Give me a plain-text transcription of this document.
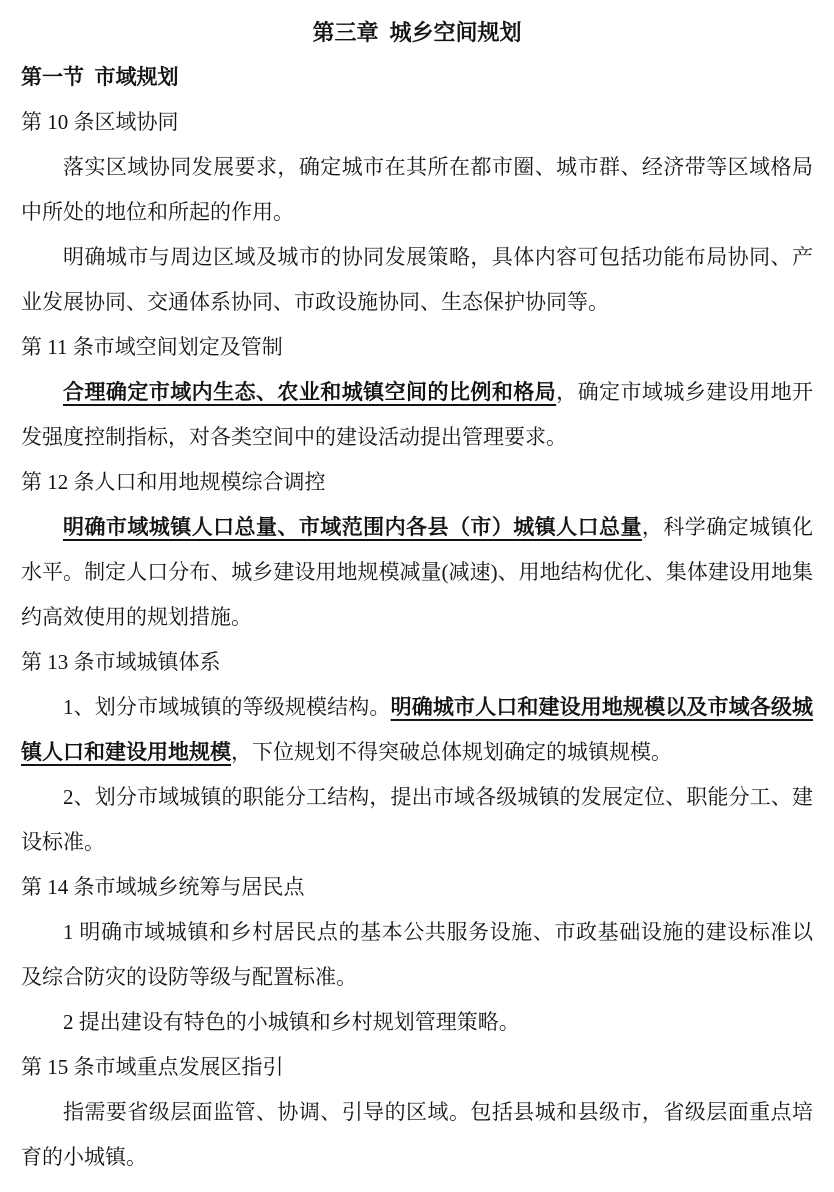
第三章  城乡空间规划
第一节  市域规划

第 10 条区域协同

落实区域协同发展要求，确定城市在其所在都市圈、城市群、经济带等区域格局中所处的地位和所起的作用。

明确城市与周边区域及城市的协同发展策略，具体内容可包括功能布局协同、产业发展协同、交通体系协同、市政设施协同、生态保护协同等。

第 11 条市域空间划定及管制

合理确定市域内生态、农业和城镇空间的比例和格局，确定市域城乡建设用地开发强度控制指标，对各类空间中的建设活动提出管理要求。

第 12 条人口和用地规模综合调控

明确市域城镇人口总量、市域范围内各县（市）城镇人口总量，科学确定城镇化水平。制定人口分布、城乡建设用地规模减量(减速)、用地结构优化、集体建设用地集约高效使用的规划措施。

第 13 条市域城镇体系

1、划分市域城镇的等级规模结构。明确城市人口和建设用地规模以及市域各级城镇人口和建设用地规模，下位规划不得突破总体规划确定的城镇规模。

2、划分市域城镇的职能分工结构，提出市域各级城镇的发展定位、职能分工、建设标准。

第 14 条市域城乡统筹与居民点

1 明确市域城镇和乡村居民点的基本公共服务设施、市政基础设施的建设标准以及综合防灾的设防等级与配置标准。

2 提出建设有特色的小城镇和乡村规划管理策略。

第 15 条市域重点发展区指引

指需要省级层面监管、协调、引导的区域。包括县城和县级市，省级层面重点培育的小城镇。
